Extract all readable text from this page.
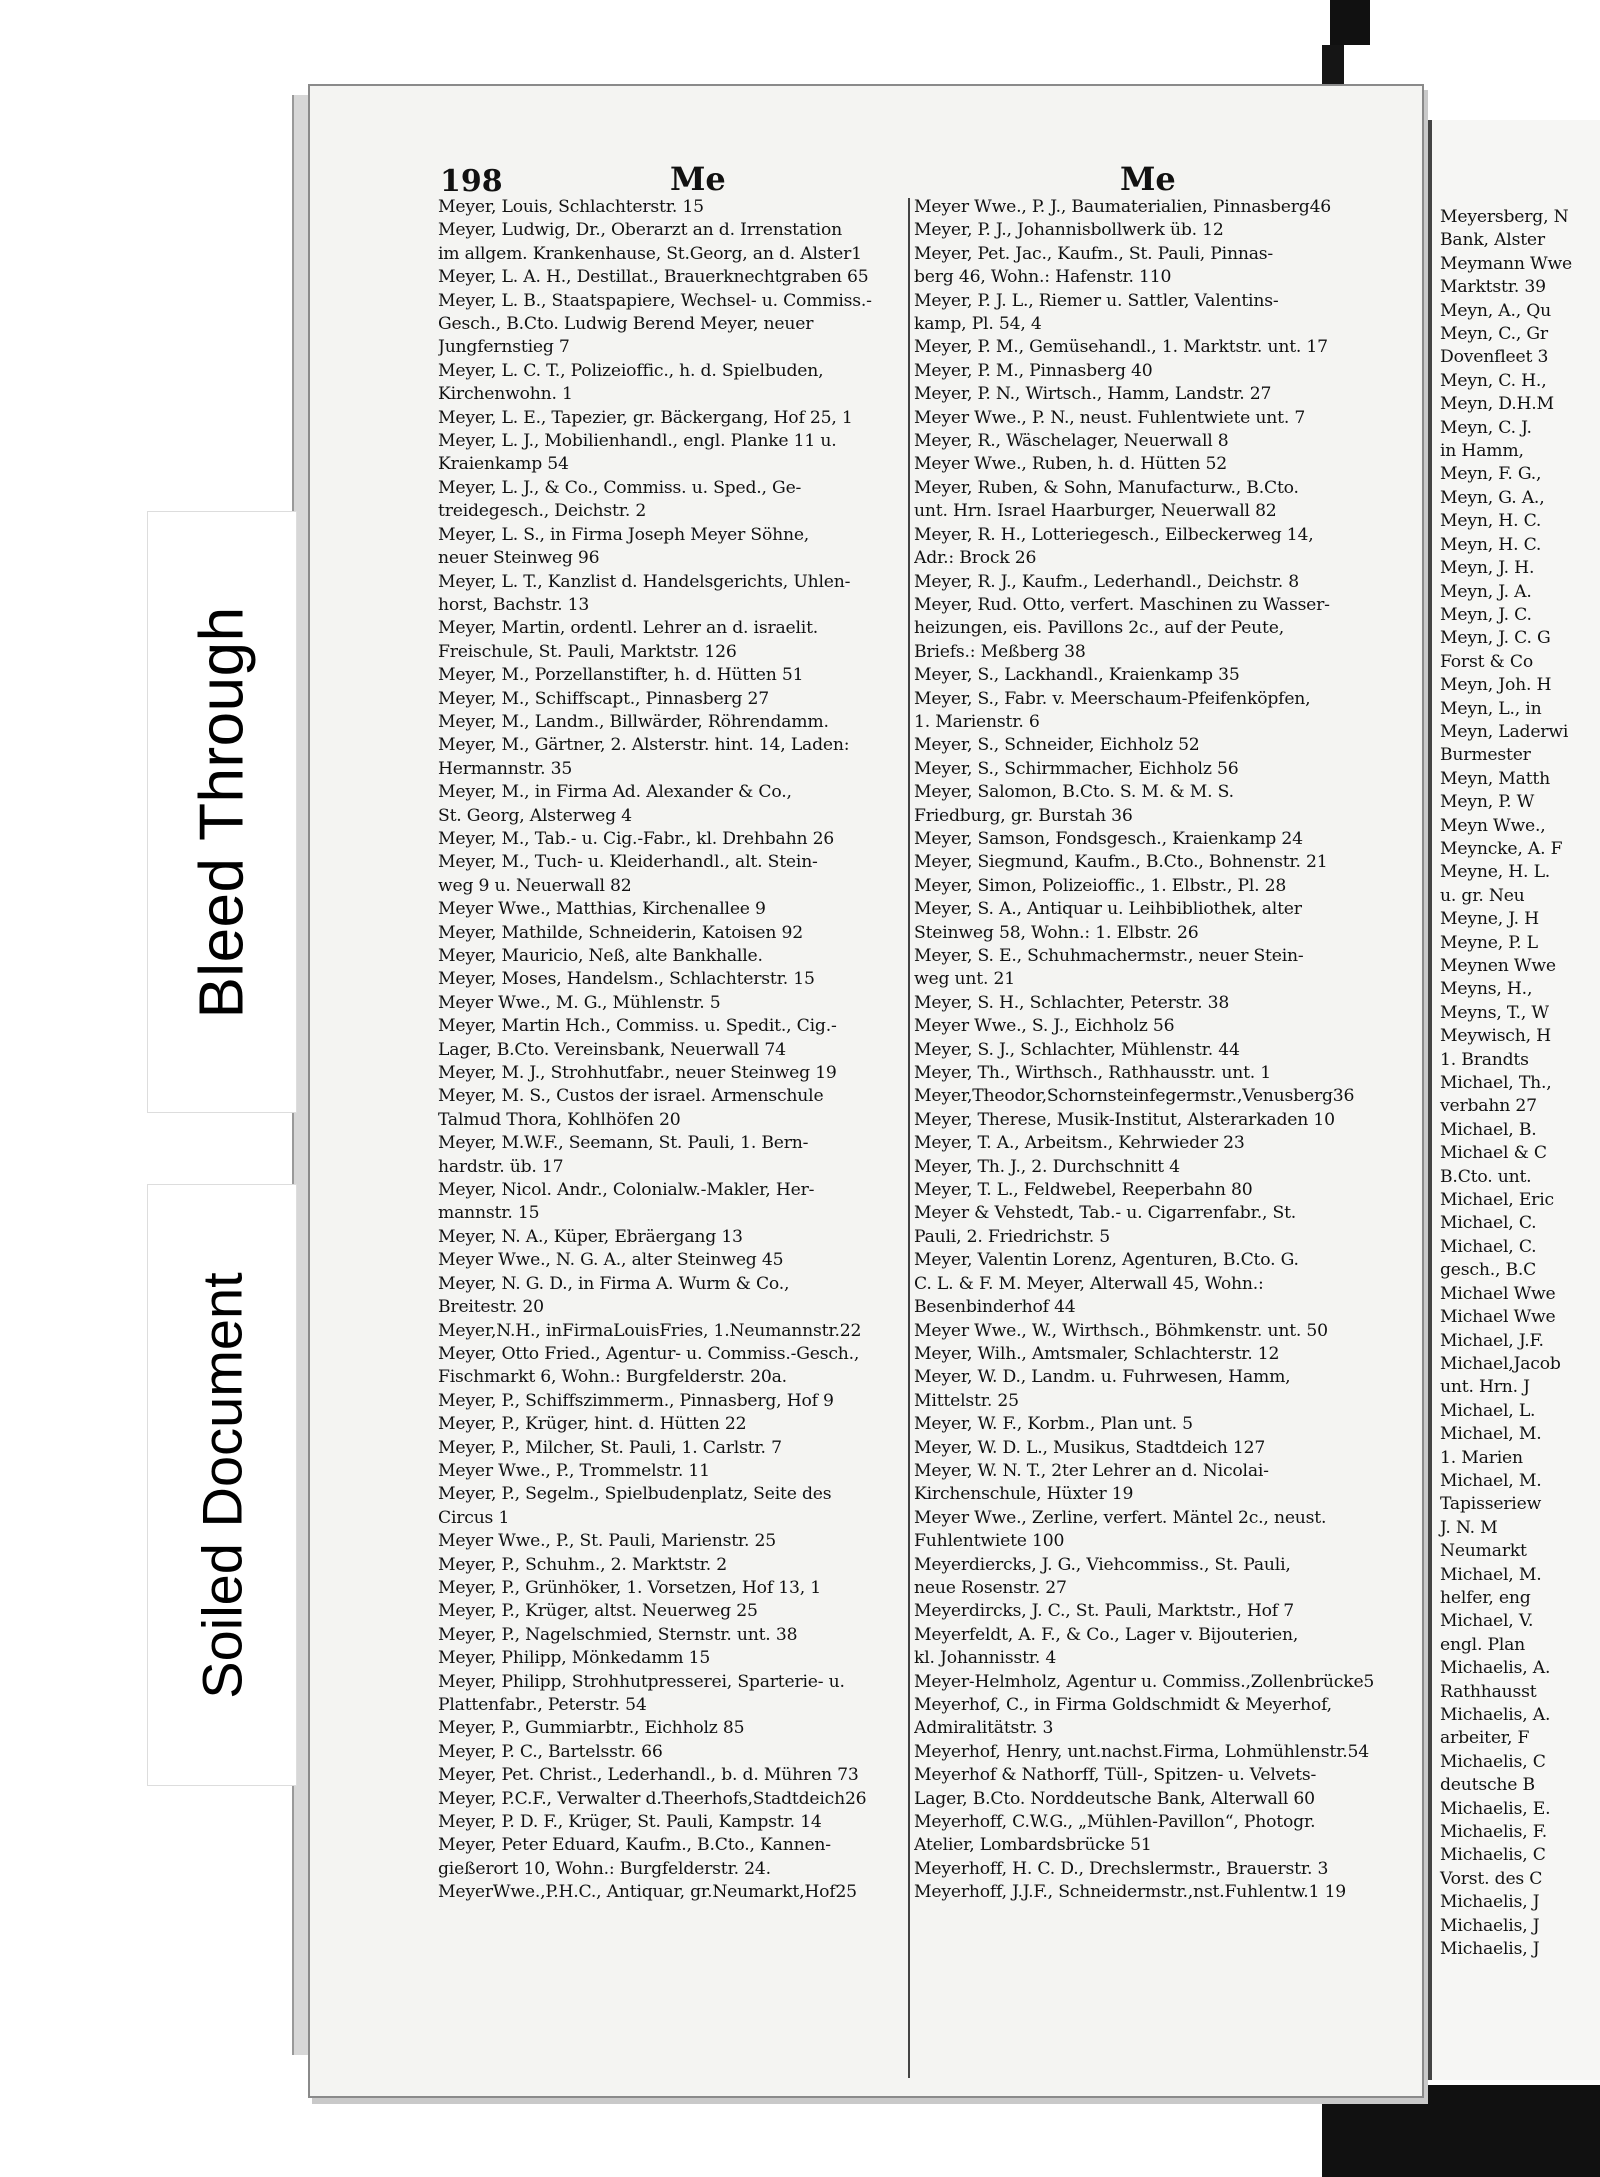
198	Me	Me
Meyer, Louis, Schlachterstr. 15
Meyer, Ludwig, Dr., Oberarzt an d. Irrenstation
im allgem. Krankenhause, St.Georg, an d. Alster1
Meyer, L. A. H., Destillat., Brauerknechtgraben 65
Meyer, L. B., Staatspapiere, Wechsel- u. Commiss.-
Gesch., B.Cto. Ludwig Berend Meyer, neuer
Jungfernstieg 7
Meyer, L. C. T., Polizeioffic., h. d. Spielbuden,
Kirchenwohn. 1
Meyer, L. E., Tapezier, gr. Bäckergang, Hof 25, 1
Meyer, L. J., Mobilienhandl., engl. Planke 11 u.
Kraienkamp 54
Meyer, L. J., & Co., Commiss. u. Sped., Ge-
treidegesch., Deichstr. 2
Meyer, L. S., in Firma Joseph Meyer Söhne,
neuer Steinweg 96
Meyer, L. T., Kanzlist d. Handelsgerichts, Uhlen-
horst, Bachstr. 13
Meyer, Martin, ordentl. Lehrer an d. israelit.
Freischule, St. Pauli, Marktstr. 126
Meyer, M., Porzellanstifter, h. d. Hütten 51
Meyer, M., Schiffscapt., Pinnasberg 27
Meyer, M., Landm., Billwärder, Röhrendamm.
Meyer, M., Gärtner, 2. Alsterstr. hint. 14, Laden:
Hermannstr. 35
Meyer, M., in Firma Ad. Alexander & Co.,
St. Georg, Alsterweg 4
Meyer, M., Tab.- u. Cig.-Fabr., kl. Drehbahn 26
Meyer, M., Tuch- u. Kleiderhandl., alt. Stein-
weg 9 u. Neuerwall 82
Meyer Wwe., Matthias, Kirchenallee 9
Meyer, Mathilde, Schneiderin, Katoisen 92
Meyer, Mauricio, Neß, alte Bankhalle.
Meyer, Moses, Handelsm., Schlachterstr. 15
Meyer Wwe., M. G., Mühlenstr. 5
Meyer, Martin Hch., Commiss. u. Spedit., Cig.-
Lager, B.Cto. Vereinsbank, Neuerwall 74
Meyer, M. J., Strohhutfabr., neuer Steinweg 19
Meyer, M. S., Custos der israel. Armenschule
Talmud Thora, Kohlhöfen 20
Meyer, M.W.F., Seemann, St. Pauli, 1. Bern-
hardstr. üb. 17
Meyer, Nicol. Andr., Colonialw.-Makler, Her-
mannstr. 15
Meyer, N. A., Küper, Ebräergang 13
Meyer Wwe., N. G. A., alter Steinweg 45
Meyer, N. G. D., in Firma A. Wurm & Co.,
Breitestr. 20
Meyer,N.H., inFirmaLouisFries, 1.Neumannstr.22
Meyer, Otto Fried., Agentur- u. Commiss.-Gesch.,
Fischmarkt 6, Wohn.: Burgfelderstr. 20a.
Meyer, P., Schiffszimmerm., Pinnasberg, Hof 9
Meyer, P., Krüger, hint. d. Hütten 22
Meyer, P., Milcher, St. Pauli, 1. Carlstr. 7
Meyer Wwe., P., Trommelstr. 11
Meyer, P., Segelm., Spielbudenplatz, Seite des
Circus 1
Meyer Wwe., P., St. Pauli, Marienstr. 25
Meyer, P., Schuhm., 2. Marktstr. 2
Meyer, P., Grünhöker, 1. Vorsetzen, Hof 13, 1
Meyer, P., Krüger, altst. Neuerweg 25
Meyer, P., Nagelschmied, Sternstr. unt. 38
Meyer, Philipp, Mönkedamm 15
Meyer, Philipp, Strohhutpresserei, Sparterie- u.
Plattenfabr., Peterstr. 54
Meyer, P., Gummiarbtr., Eichholz 85
Meyer, P. C., Bartelsstr. 66
Meyer, Pet. Christ., Lederhandl., b. d. Mühren 73
Meyer, P.C.F., Verwalter d.Theerhofs,Stadtdeich26
Meyer, P. D. F., Krüger, St. Pauli, Kampstr. 14
Meyer, Peter Eduard, Kaufm., B.Cto., Kannen-
gießerort 10, Wohn.: Burgfelderstr. 24.
MeyerWwe.,P.H.C., Antiquar, gr.Neumarkt,Hof25
Meyer Wwe., P. J., Baumaterialien, Pinnasberg46
Meyer, P. J., Johannisbollwerk üb. 12
Meyer, Pet. Jac., Kaufm., St. Pauli, Pinnas-
berg 46, Wohn.: Hafenstr. 110
Meyer, P. J. L., Riemer u. Sattler, Valentins-
kamp, Pl. 54, 4
Meyer, P. M., Gemüsehandl., 1. Marktstr. unt. 17
Meyer, P. M., Pinnasberg 40
Meyer, P. N., Wirtsch., Hamm, Landstr. 27
Meyer Wwe., P. N., neust. Fuhlentwiete unt. 7
Meyer, R., Wäschelager, Neuerwall 8
Meyer Wwe., Ruben, h. d. Hütten 52
Meyer, Ruben, & Sohn, Manufacturw., B.Cto.
unt. Hrn. Israel Haarburger, Neuerwall 82
Meyer, R. H., Lotteriegesch., Eilbeckerweg 14,
Adr.: Brock 26
Meyer, R. J., Kaufm., Lederhandl., Deichstr. 8
Meyer, Rud. Otto, verfert. Maschinen zu Wasser-
heizungen, eis. Pavillons 2c., auf der Peute,
Briefs.: Meßberg 38
Meyer, S., Lackhandl., Kraienkamp 35
Meyer, S., Fabr. v. Meerschaum-Pfeifenköpfen,
1. Marienstr. 6
Meyer, S., Schneider, Eichholz 52
Meyer, S., Schirmmacher, Eichholz 56
Meyer, Salomon, B.Cto. S. M. & M. S.
Friedburg, gr. Burstah 36
Meyer, Samson, Fondsgesch., Kraienkamp 24
Meyer, Siegmund, Kaufm., B.Cto., Bohnenstr. 21
Meyer, Simon, Polizeioffic., 1. Elbstr., Pl. 28
Meyer, S. A., Antiquar u. Leihbibliothek, alter
Steinweg 58, Wohn.: 1. Elbstr. 26
Meyer, S. E., Schuhmachermstr., neuer Stein-
weg unt. 21
Meyer, S. H., Schlachter, Peterstr. 38
Meyer Wwe., S. J., Eichholz 56
Meyer, S. J., Schlachter, Mühlenstr. 44
Meyer, Th., Wirthsch., Rathhausstr. unt. 1
Meyer,Theodor,Schornsteinfegermstr.,Venusberg36
Meyer, Therese, Musik-Institut, Alsterarkaden 10
Meyer, T. A., Arbeitsm., Kehrwieder 23
Meyer, Th. J., 2. Durchschnitt 4
Meyer, T. L., Feldwebel, Reeperbahn 80
Meyer & Vehstedt, Tab.- u. Cigarrenfabr., St.
Pauli, 2. Friedrichstr. 5
Meyer, Valentin Lorenz, Agenturen, B.Cto. G.
C. L. & F. M. Meyer, Alterwall 45, Wohn.:
Besenbinderhof 44
Meyer Wwe., W., Wirthsch., Böhmkenstr. unt. 50
Meyer, Wilh., Amtsmaler, Schlachterstr. 12
Meyer, W. D., Landm. u. Fuhrwesen, Hamm,
Mittelstr. 25
Meyer, W. F., Korbm., Plan unt. 5
Meyer, W. D. L., Musikus, Stadtdeich 127
Meyer, W. N. T., 2ter Lehrer an d. Nicolai-
Kirchenschule, Hüxter 19
Meyer Wwe., Zerline, verfert. Mäntel 2c., neust.
Fuhlentwiete 100
Meyerdiercks, J. G., Viehcommiss., St. Pauli,
neue Rosenstr. 27
Meyerdircks, J. C., St. Pauli, Marktstr., Hof 7
Meyerfeldt, A. F., & Co., Lager v. Bijouterien,
kl. Johannisstr. 4
Meyer-Helmholz, Agentur u. Commiss.,Zollenbrücke5
Meyerhof, C., in Firma Goldschmidt & Meyerhof,
Admiralitätstr. 3
Meyerhof, Henry, unt.nachst.Firma, Lohmühlenstr.54
Meyerhof & Nathorff, Tüll-, Spitzen- u. Velvets-
Lager, B.Cto. Norddeutsche Bank, Alterwall 60
Meyerhoff, C.W.G., „Mühlen-Pavillon“, Photogr.
Atelier, Lombardsbrücke 51
Meyerhoff, H. C. D., Drechslermstr., Brauerstr. 3
Meyerhoff, J.J.F., Schneidermstr.,nst.Fuhlentw.1 19
Meyersberg, N
Bank, Alster
Meymann Wwe
Marktstr. 39
Meyn, A., Qu
Meyn, C., Gr
Dovenfleet 3
Meyn, C. H.,
Meyn, D.H.M
Meyn, C. J.
in Hamm,
Meyn, F. G.,
Meyn, G. A.,
Meyn, H. C.
Meyn, H. C.
Meyn, J. H.
Meyn, J. A.
Meyn, J. C.
Meyn, J. C. G
Forst & Co
Meyn, Joh. H
Meyn, L., in
Meyn, Laderwi
Burmester
Meyn, Matth
Meyn, P. W
Meyn Wwe.,
Meyncke, A. F
Meyne, H. L.
u. gr. Neu
Meyne, J. H
Meyne, P. L
Meynen Wwe
Meyns, H.,
Meyns, T., W
Meywisch, H
1. Brandts
Michael, Th.,
verbahn 27
Michael, B.
Michael & C
B.Cto. unt.
Michael, Eric
Michael, C.
Michael, C.
gesch., B.C
Michael Wwe
Michael Wwe
Michael, J.F.
Michael,Jacob
unt. Hrn. J
Michael, L.
Michael, M.
1. Marien
Michael, M.
Tapisseriew
J. N. M
Neumarkt
Michael, M.
helfer, eng
Michael, V.
engl. Plan
Michaelis, A.
Rathhausst
Michaelis, A.
arbeiter, F
Michaelis, C
deutsche B
Michaelis, E.
Michaelis, F.
Michaelis, C
Vorst. des C
Michaelis, J
Michaelis, J
Michaelis, J
Bleed Through
Soiled Document
